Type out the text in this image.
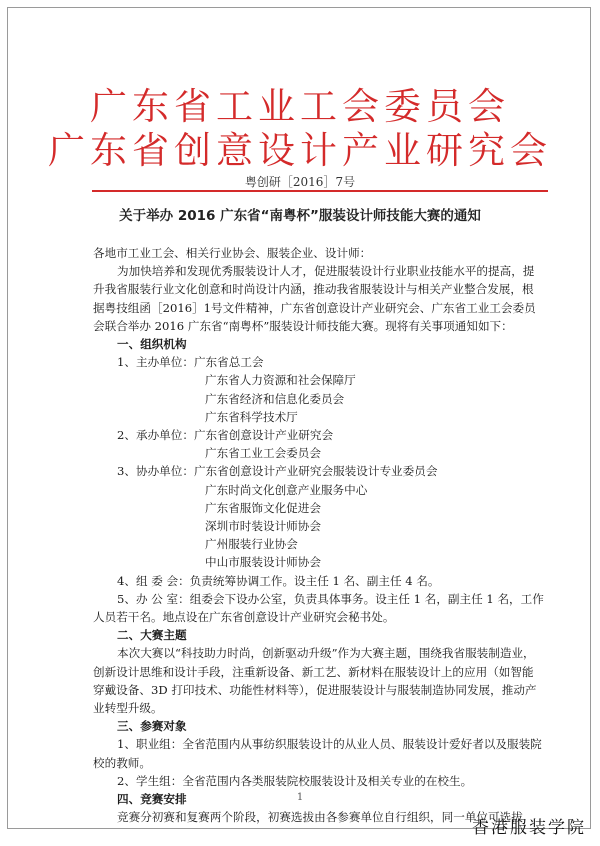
广东省工业工会委员会
广东省创意设计产业研究会
粤创研［2016］7号
关于举办 2016 广东省“南粤杯”服装设计师技能大赛的通知

各地市工业工会、相关行业协会、服装企业、设计师：

为加快培养和发现优秀服装设计人才，促进服装设计行业职业技能水平的提高，提升我省服装行业文化创意和时尚设计内涵，推动我省服装设计与相关产业整合发展，根据粤技组函［2016］1号文件精神，广东省创意设计产业研究会、广东省工业工会委员会联合举办 2016 广东省“南粤杯”服装设计师技能大赛。现将有关事项通知如下：

一、组织机构

1、主办单位： 广东省总工会

广东省人力资源和社会保障厅

广东省经济和信息化委员会

广东省科学技术厅

2、承办单位： 广东省创意设计产业研究会

广东省工业工会委员会

3、协办单位： 广东省创意设计产业研究会服装设计专业委员会

广东时尚文化创意产业服务中心

广东省服饰文化促进会

深圳市时装设计师协会

广州服装行业协会

中山市服装设计师协会

4、组 委 会：负责统筹协调工作。设主任 1 名、副主任 4 名。

5、办 公 室：组委会下设办公室，负责具体事务。设主任 1 名，副主任 1 名，工作人员若干名。地点设在广东省创意设计产业研究会秘书处。

二、大赛主题

本次大赛以“科技助力时尚，创新驱动升级”作为大赛主题，围绕我省服装制造业，创新设计思维和设计手段，注重新设备、新工艺、新材料在服装设计上的应用（如智能穿戴设备、3D 打印技术、功能性材料等），促进服装设计与服装制造协同发展，推动产业转型升级。

三、参赛对象

1、职业组：全省范围内从事纺织服装设计的从业人员、服装设计爱好者以及服装院校的教师。

2、学生组：全省范围内各类服装院校服装设计及相关专业的在校生。

四、竞赛安排

竞赛分初赛和复赛两个阶段，初赛选拔由各参赛单位自行组织，同一单位可选拔

1
香港服装学院
